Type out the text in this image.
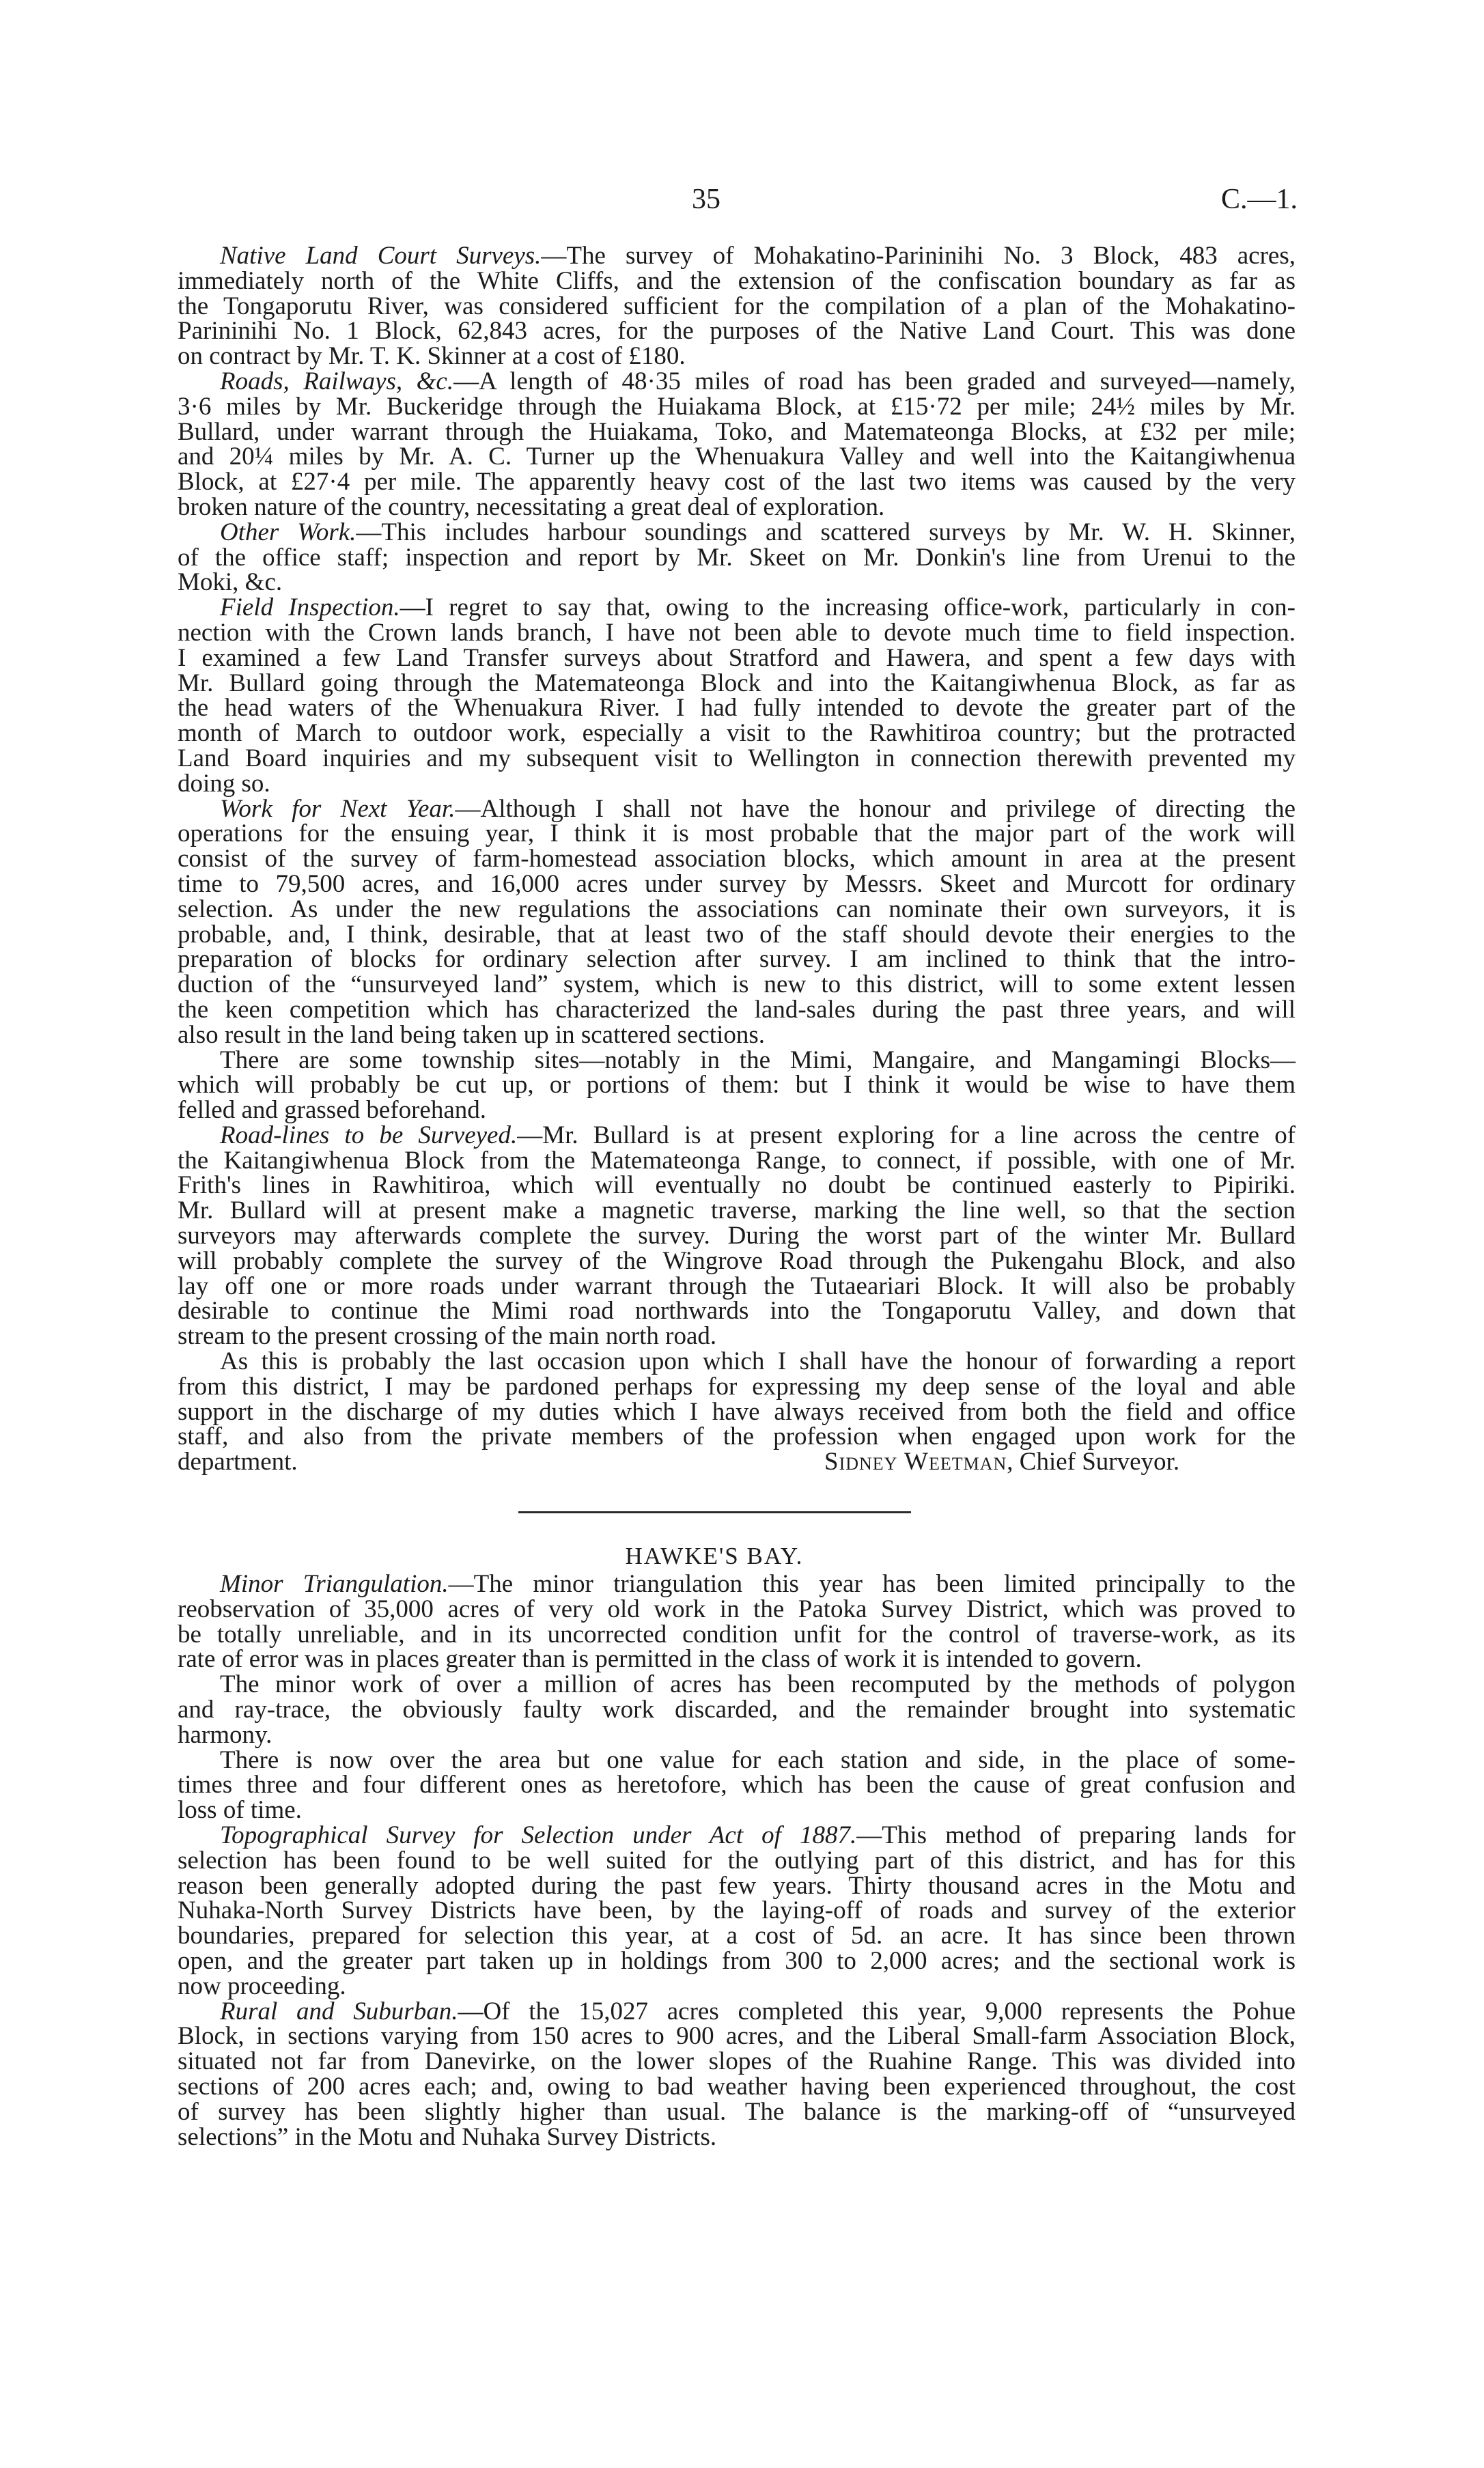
35	C.—1.
Sidney Weetman, Chief Surveyor.
Native Land Court Surveys.—The survey of Mohakatino-Parininihi No. 3 Block, 483 acres,
immediately north of the White Cliffs, and the extension of the confiscation boundary as far as
the Tongaporutu River, was considered sufficient for the compilation of a plan of the Mohakatino-
Parininihi No. 1 Block, 62,843 acres, for the purposes of the Native Land Court. This was done
on contract by Mr. T. K. Skinner at a cost of £180.
Roads, Railways, &c.—A length of 48·35 miles of road has been graded and surveyed—namely,
3·6 miles by Mr. Buckeridge through the Huiakama Block, at £15·72 per mile; 24½ miles by Mr.
Bullard, under warrant through the Huiakama, Toko, and Matemateonga Blocks, at £32 per mile;
and 20¼ miles by Mr. A. C. Turner up the Whenuakura Valley and well into the Kaitangiwhenua
Block, at £27·4 per mile. The apparently heavy cost of the last two items was caused by the very
broken nature of the country, necessitating a great deal of exploration.
Other Work.—This includes harbour soundings and scattered surveys by Mr. W. H. Skinner,
of the office staff; inspection and report by Mr. Skeet on Mr. Donkin's line from Urenui to the
Moki, &c.
Field Inspection.—I regret to say that, owing to the increasing office-work, particularly in con-
nection with the Crown lands branch, I have not been able to devote much time to field inspection.
I examined a few Land Transfer surveys about Stratford and Hawera, and spent a few days with
Mr. Bullard going through the Matemateonga Block and into the Kaitangiwhenua Block, as far as
the head waters of the Whenuakura River. I had fully intended to devote the greater part of the
month of March to outdoor work, especially a visit to the Rawhitiroa country; but the protracted
Land Board inquiries and my subsequent visit to Wellington in connection therewith prevented my
doing so.
Work for Next Year.—Although I shall not have the honour and privilege of directing the
operations for the ensuing year, I think it is most probable that the major part of the work will
consist of the survey of farm-homestead association blocks, which amount in area at the present
time to 79,500 acres, and 16,000 acres under survey by Messrs. Skeet and Murcott for ordinary
selection. As under the new regulations the associations can nominate their own surveyors, it is
probable, and, I think, desirable, that at least two of the staff should devote their energies to the
preparation of blocks for ordinary selection after survey. I am inclined to think that the intro-
duction of the “unsurveyed land” system, which is new to this district, will to some extent lessen
the keen competition which has characterized the land-sales during the past three years, and will
also result in the land being taken up in scattered sections.
There are some township sites—notably in the Mimi, Mangaire, and Mangamingi Blocks—
which will probably be cut up, or portions of them: but I think it would be wise to have them
felled and grassed beforehand.
Road-lines to be Surveyed.—Mr. Bullard is at present exploring for a line across the centre of
the Kaitangiwhenua Block from the Matemateonga Range, to connect, if possible, with one of Mr.
Frith's lines in Rawhitiroa, which will eventually no doubt be continued easterly to Pipiriki.
Mr. Bullard will at present make a magnetic traverse, marking the line well, so that the section
surveyors may afterwards complete the survey. During the worst part of the winter Mr. Bullard
will probably complete the survey of the Wingrove Road through the Pukengahu Block, and also
lay off one or more roads under warrant through the Tutaeariari Block. It will also be probably
desirable to continue the Mimi road northwards into the Tongaporutu Valley, and down that
stream to the present crossing of the main north road.
As this is probably the last occasion upon which I shall have the honour of forwarding a report
from this district, I may be pardoned perhaps for expressing my deep sense of the loyal and able
support in the discharge of my duties which I have always received from both the field and office
staff, and also from the private members of the profession when engaged upon work for the
department.
HAWKE'S BAY.
Minor Triangulation.—The minor triangulation this year has been limited principally to the
reobservation of 35,000 acres of very old work in the Patoka Survey District, which was proved to
be totally unreliable, and in its uncorrected condition unfit for the control of traverse-work, as its
rate of error was in places greater than is permitted in the class of work it is intended to govern.
The minor work of over a million of acres has been recomputed by the methods of polygon
and ray-trace, the obviously faulty work discarded, and the remainder brought into systematic
harmony.
There is now over the area but one value for each station and side, in the place of some-
times three and four different ones as heretofore, which has been the cause of great confusion and
loss of time.
Topographical Survey for Selection under Act of 1887.—This method of preparing lands for
selection has been found to be well suited for the outlying part of this district, and has for this
reason been generally adopted during the past few years. Thirty thousand acres in the Motu and
Nuhaka-North Survey Districts have been, by the laying-off of roads and survey of the exterior
boundaries, prepared for selection this year, at a cost of 5d. an acre. It has since been thrown
open, and the greater part taken up in holdings from 300 to 2,000 acres; and the sectional work is
now proceeding.
Rural and Suburban.—Of the 15,027 acres completed this year, 9,000 represents the Pohue
Block, in sections varying from 150 acres to 900 acres, and the Liberal Small-farm Association Block,
situated not far from Danevirke, on the lower slopes of the Ruahine Range. This was divided into
sections of 200 acres each; and, owing to bad weather having been experienced throughout, the cost
of survey has been slightly higher than usual. The balance is the marking-off of “unsurveyed
selections” in the Motu and Nuhaka Survey Districts.
